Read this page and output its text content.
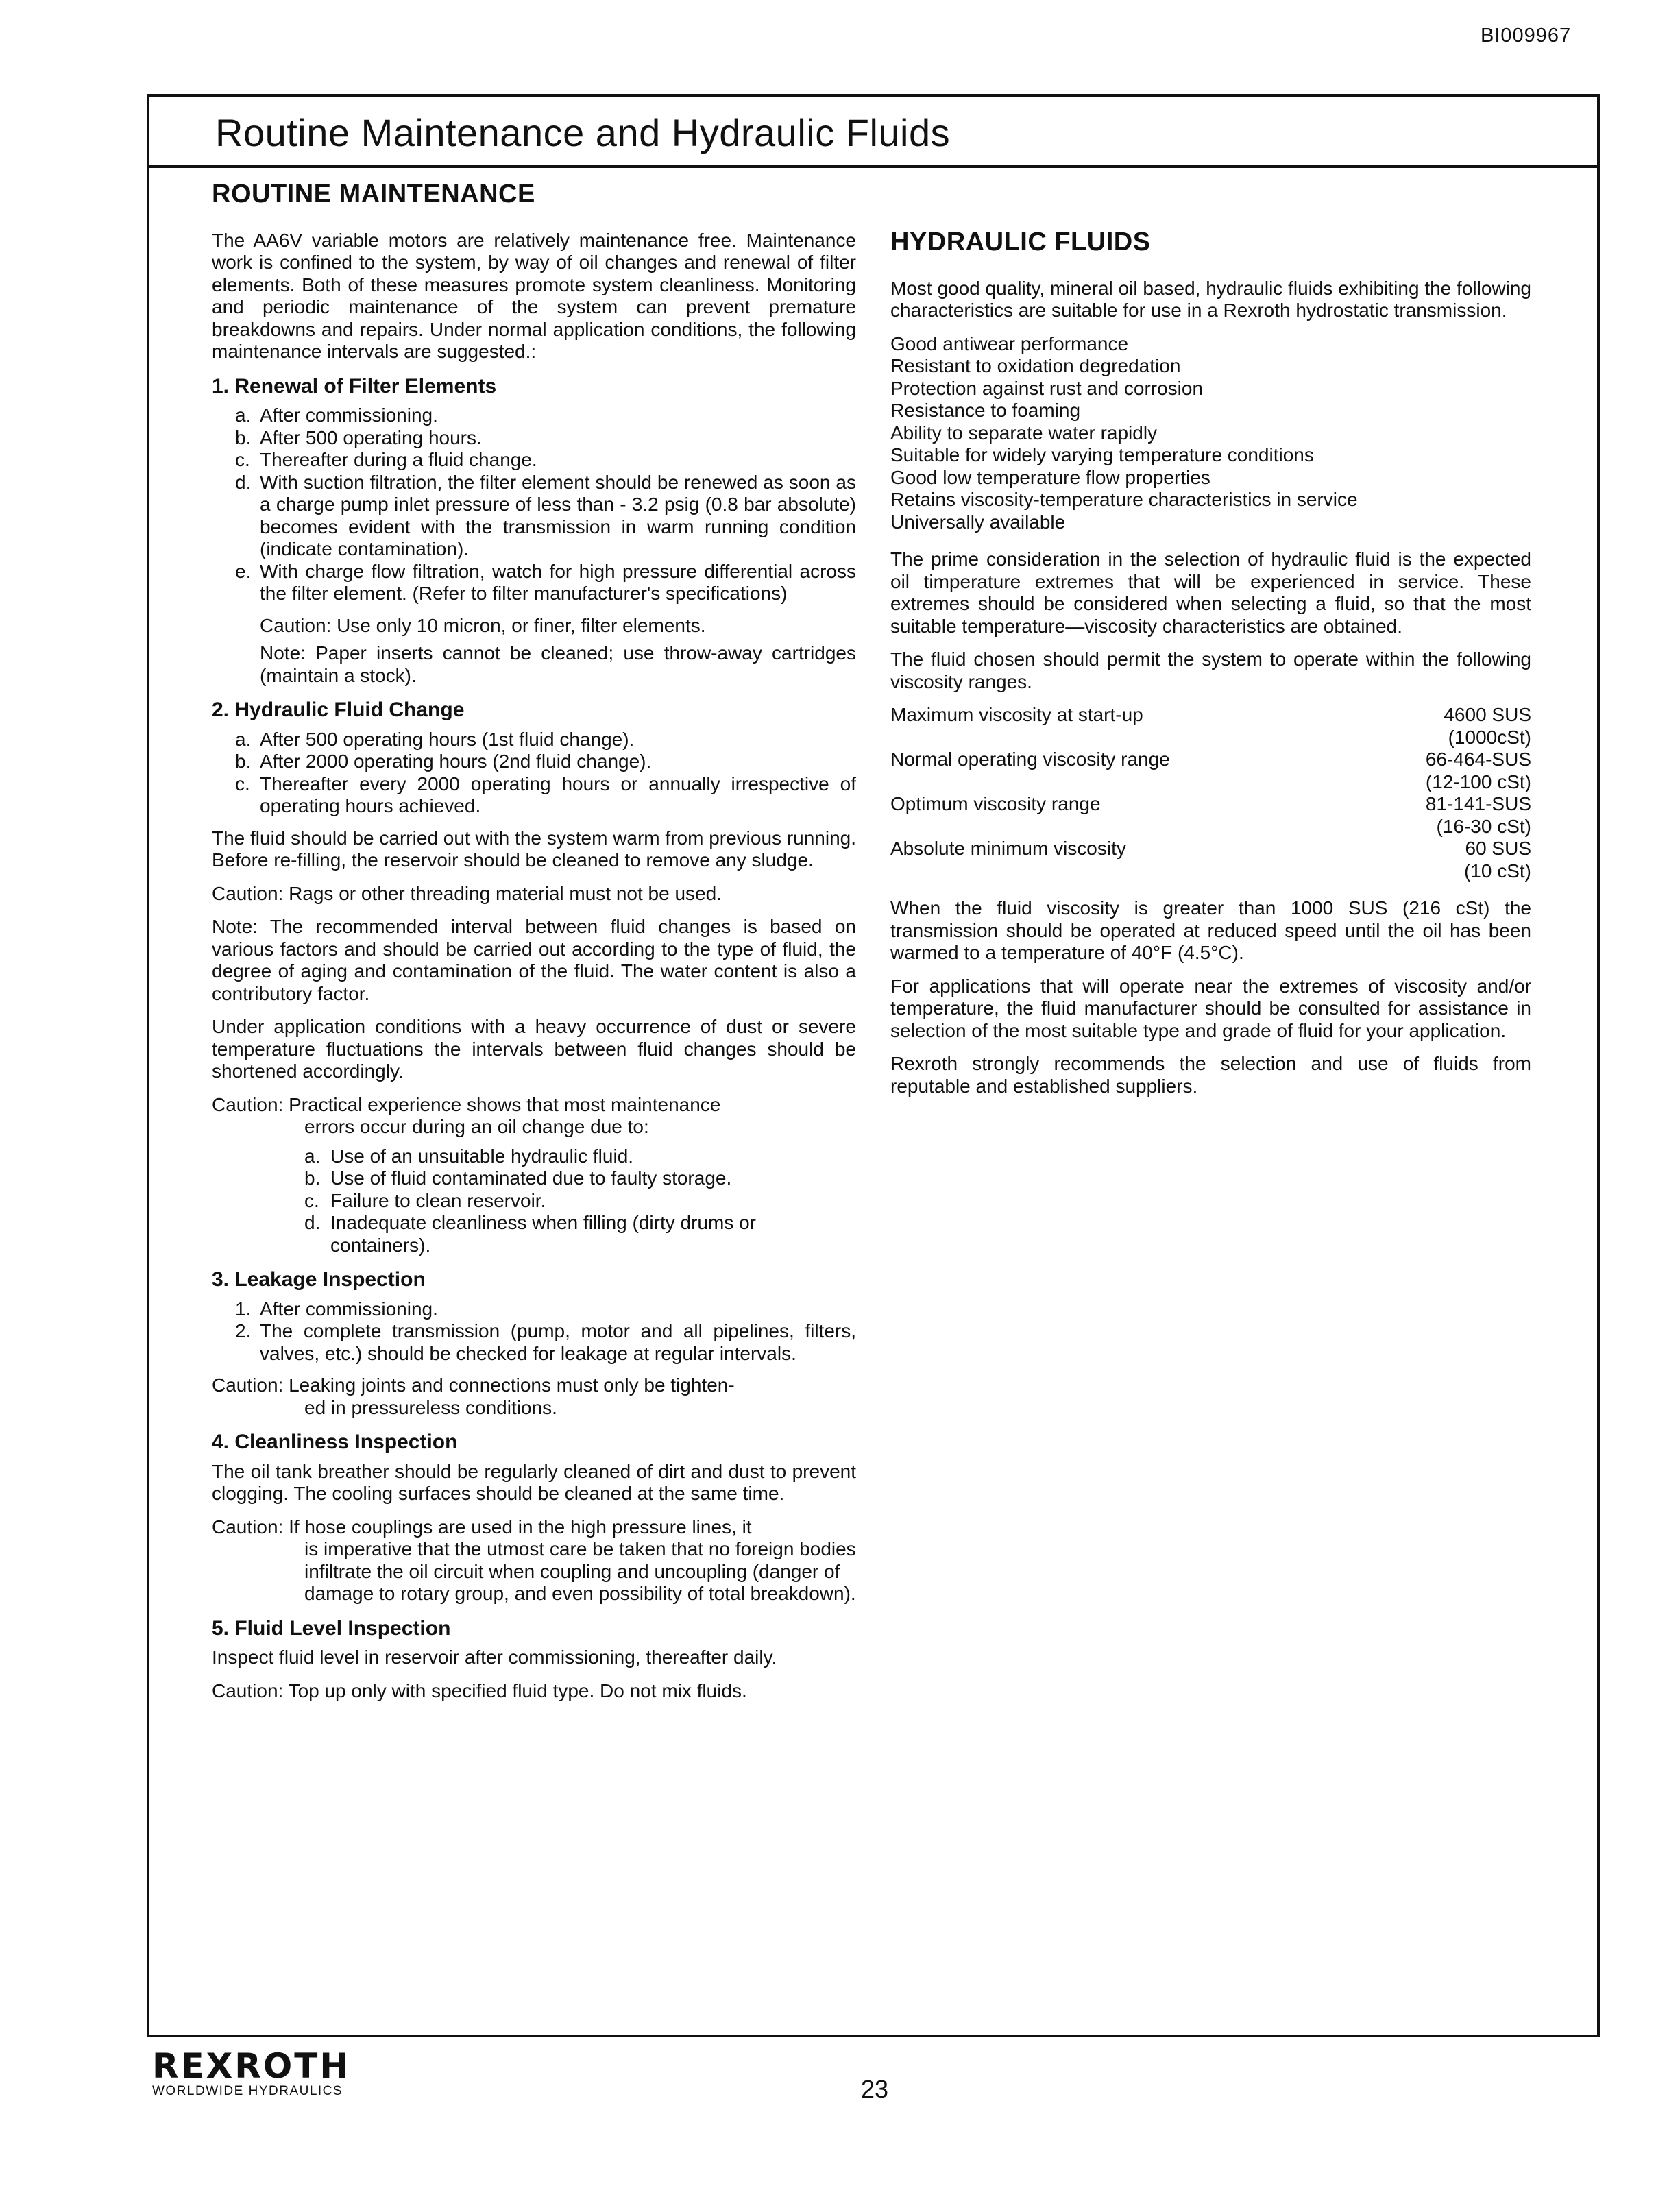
BI009967
Routine Maintenance and Hydraulic Fluids
ROUTINE MAINTENANCE

The AA6V variable motors are relatively maintenance free. Maintenance work is confined to the system, by way of oil changes and renewal of filter elements. Both of these measures promote system cleanliness. Monitoring and periodic maintenance of the system can prevent premature breakdowns and repairs. Under normal application conditions, the following maintenance intervals are suggested.:

1. Renewal of Filter Elements
a. After commissioning.
b. After 500 operating hours.
c. Thereafter during a fluid change.
d. With suction filtration, the filter element should be renewed as soon as a charge pump inlet pressure of less than - 3.2 psig (0.8 bar absolute) becomes evident with the transmission in warm running condition (indicate contamination).
e. With charge flow filtration, watch for high pressure differential across the filter element. (Refer to filter manufacturer's specifications)

Caution: Use only 10 micron, or finer, filter elements.

Note: Paper inserts cannot be cleaned; use throw-away cartridges (maintain a stock).

2. Hydraulic Fluid Change
a. After 500 operating hours (1st fluid change).
b. After 2000 operating hours (2nd fluid change).
c. Thereafter every 2000 operating hours or annually irrespective of operating hours achieved.

The fluid should be carried out with the system warm from previous running. Before re-filling, the reservoir should be cleaned to remove any sludge.

Caution: Rags or other threading material must not be used.

Note: The recommended interval between fluid changes is based on various factors and should be carried out according to the type of fluid, the degree of aging and contamination of the fluid. The water content is also a contributory factor.

Under application conditions with a heavy occurrence of dust or severe temperature fluctuations the intervals between fluid changes should be shortened accordingly.

Caution: Practical experience shows that most maintenance
errors occur during an oil change due to:
a. Use of an unsuitable hydraulic fluid.
b. Use of fluid contaminated due to faulty storage.
c. Failure to clean reservoir.
d. Inadequate cleanliness when filling (dirty drums or containers).
3. Leakage Inspection
1. After commissioning.
2. The complete transmission (pump, motor and all pipelines, filters, valves, etc.) should be checked for leakage at regular intervals.
Caution: Leaking joints and connections must only be tighten-
ed in pressureless conditions.
4. Cleanliness Inspection

The oil tank breather should be regularly cleaned of dirt and dust to prevent clogging. The cooling surfaces should be cleaned at the same time.

Caution: If hose couplings are used in the high pressure lines, it
is imperative that the utmost care be taken that no foreign bodies infiltrate the oil circuit when coupling and uncoupling (danger of damage to rotary group, and even possibility of total breakdown).
5. Fluid Level Inspection

Inspect fluid level in reservoir after commissioning, thereafter daily.

Caution: Top up only with specified fluid type. Do not mix fluids.

HYDRAULIC FLUIDS

Most good quality, mineral oil based, hydraulic fluids exhibiting the following characteristics are suitable for use in a Rexroth hydrostatic transmission.

Good antiwear performance
Resistant to oxidation degredation
Protection against rust and corrosion
Resistance to foaming
Ability to separate water rapidly
Suitable for widely varying temperature conditions
Good low temperature flow properties
Retains viscosity-temperature characteristics in service
Universally available

The prime consideration in the selection of hydraulic fluid is the expected oil timperature extremes that will be experienced in service. These extremes should be considered when selecting a fluid, so that the most suitable temperature—viscosity characteristics are obtained.

The fluid chosen should permit the system to operate within the following viscosity ranges.

Maximum viscosity at start-up	4600 SUS
(1000cSt)
Normal operating viscosity range	66-464-SUS
(12-100 cSt)
Optimum viscosity range	81-141-SUS
(16-30 cSt)
Absolute minimum viscosity	60 SUS
(10 cSt)

When the fluid viscosity is greater than 1000 SUS (216 cSt) the transmission should be operated at reduced speed until the oil has been warmed to a temperature of 40°F (4.5°C).

For applications that will operate near the extremes of viscosity and/or temperature, the fluid manufacturer should be consulted for assistance in selection of the most suitable type and grade of fluid for your application.

Rexroth strongly recommends the selection and use of fluids from reputable and established suppliers.

REXROTH
WORLDWIDE HYDRAULICS	23
